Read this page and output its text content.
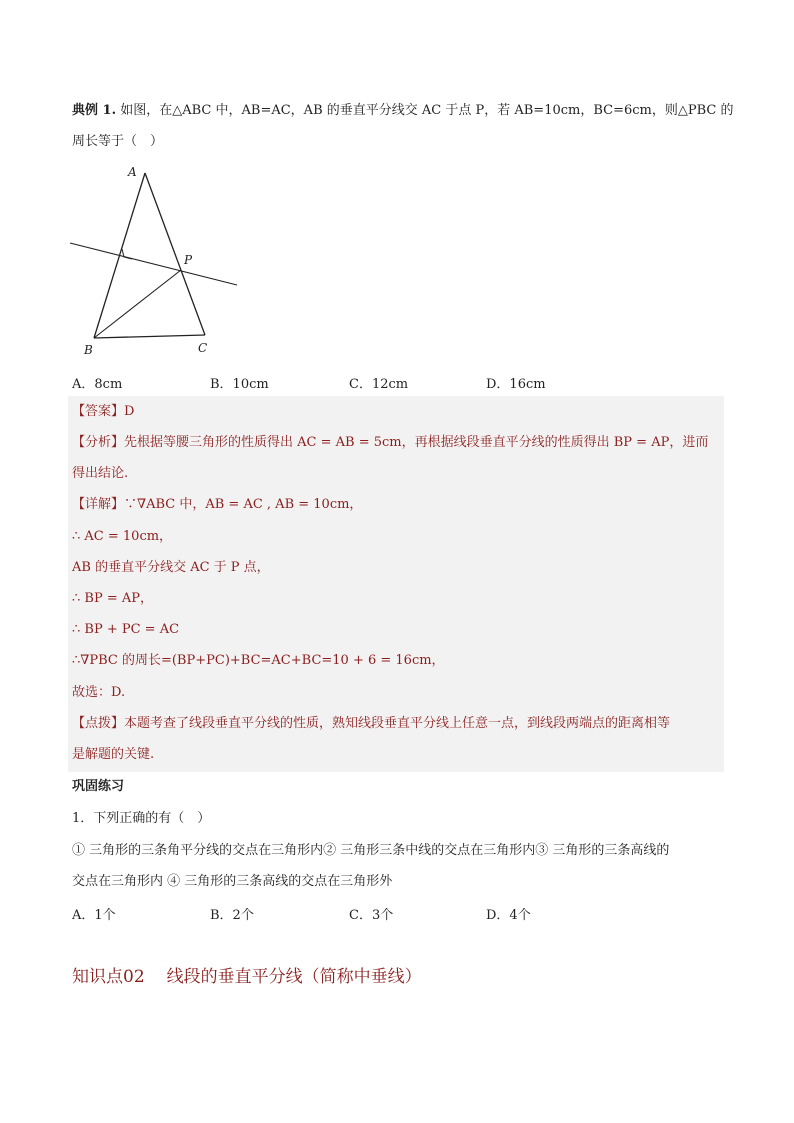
典例 1. 如图，在△ABC 中，AB=AC，AB 的垂直平分线交 AC 于点 P，若 AB=10cm，BC=6cm，则△PBC 的
周长等于（　）
A
P
B	C
A．8cm	B．10cm	C．12cm	D．16cm
【答案】D
【分析】先根据等腰三角形的性质得出 AC = AB = 5cm，再根据线段垂直平分线的性质得出 BP = AP，进而
得出结论.
【详解】∵∇ABC 中，AB = AC , AB = 10cm，
∴ AC = 10cm，
AB 的垂直平分线交 AC 于 P 点，
∴ BP = AP，
∴ BP + PC = AC
∴∇PBC 的周长=(BP+PC)+BC=AC+BC=10 + 6 = 16cm，
故选：D.
【点拨】本题考查了线段垂直平分线的性质，熟知线段垂直平分线上任意一点，到线段两端点的距离相等
是解题的关键.
巩固练习
1．下列正确的有（　）
① 三角形的三条角平分线的交点在三角形内② 三角形三条中线的交点在三角形内③ 三角形的三条高线的
交点在三角形内 ④ 三角形的三条高线的交点在三角形外
A．1个	B．2个	C．3个	D．4个
知识点02 线段的垂直平分线（简称中垂线）
